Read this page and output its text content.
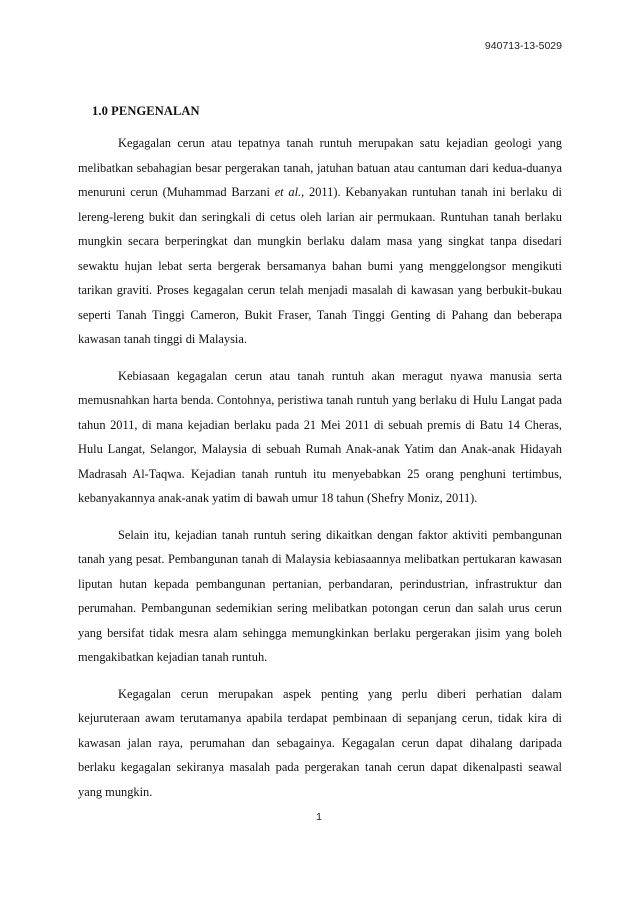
940713-13-5029
1.0 PENGENALAN

Kegagalan cerun atau tepatnya tanah runtuh merupakan satu kejadian geologi yang melibatkan sebahagian besar pergerakan tanah, jatuhan batuan atau cantuman dari kedua-duanya menuruni cerun (Muhammad Barzani et al., 2011). Kebanyakan runtuhan tanah ini berlaku di lereng-lereng bukit dan seringkali di cetus oleh larian air permukaan. Runtuhan tanah berlaku mungkin secara berperingkat dan mungkin berlaku dalam masa yang singkat tanpa disedari sewaktu hujan lebat serta bergerak bersamanya bahan bumi yang menggelongsor mengikuti tarikan graviti. Proses kegagalan cerun telah menjadi masalah di kawasan yang berbukit-bukau seperti Tanah Tinggi Cameron, Bukit Fraser, Tanah Tinggi Genting di Pahang dan beberapa kawasan tanah tinggi di Malaysia.

Kebiasaan kegagalan cerun atau tanah runtuh akan meragut nyawa manusia serta memusnahkan harta benda. Contohnya, peristiwa tanah runtuh yang berlaku di Hulu Langat pada tahun 2011, di mana kejadian berlaku pada 21 Mei 2011 di sebuah premis di Batu 14 Cheras, Hulu Langat, Selangor, Malaysia di sebuah Rumah Anak-anak Yatim dan Anak-anak Hidayah Madrasah Al-Taqwa. Kejadian tanah runtuh itu menyebabkan 25 orang penghuni tertimbus, kebanyakannya anak-anak yatim di bawah umur 18 tahun (Shefry Moniz, 2011).

Selain itu, kejadian tanah runtuh sering dikaitkan dengan faktor aktiviti pembangunan tanah yang pesat. Pembangunan tanah di Malaysia kebiasaannya melibatkan pertukaran kawasan liputan hutan kepada pembangunan pertanian, perbandaran, perindustrian, infrastruktur dan perumahan. Pembangunan sedemikian sering melibatkan potongan cerun dan salah urus cerun yang bersifat tidak mesra alam sehingga memungkinkan berlaku pergerakan jisim yang boleh mengakibatkan kejadian tanah runtuh.

Kegagalan cerun merupakan aspek penting yang perlu diberi perhatian dalam kejuruteraan awam terutamanya apabila terdapat pembinaan di sepanjang cerun, tidak kira di kawasan jalan raya, perumahan dan sebagainya. Kegagalan cerun dapat dihalang daripada berlaku kegagalan sekiranya masalah pada pergerakan tanah cerun dapat dikenalpasti seawal yang mungkin.

1
